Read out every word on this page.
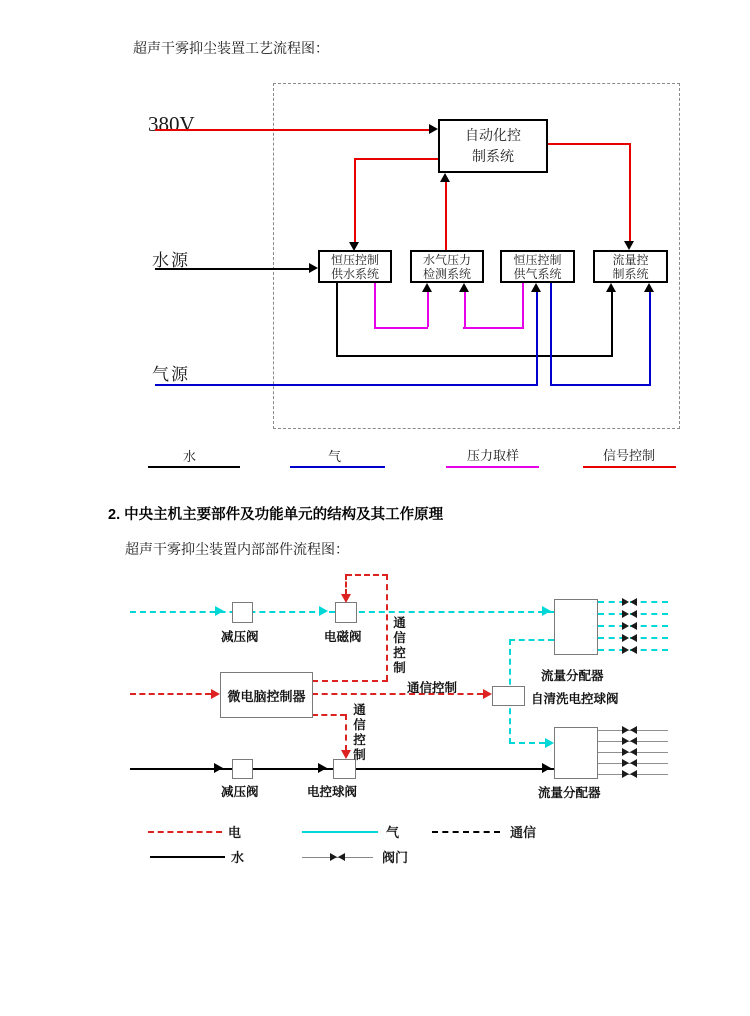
超声干雾抑尘装置工艺流程图：
380V
水源
气源
自动化控
制系统
恒压控制
供水系统
水气压力
检测系统
恒压控制
供气系统
流量控
制系统
水	气	压力取样	信号控制
2. 中央主机主要部件及功能单元的结构及其工作原理
超声干雾抑尘装置内部部件流程图：
微电脑控制器
减压阀	电磁阀
流量分配器
通信控制
通信控制
自清洗电控球阀
通信控制
减压阀	电控球阀	流量分配器
电	气	通信
水	阀门
